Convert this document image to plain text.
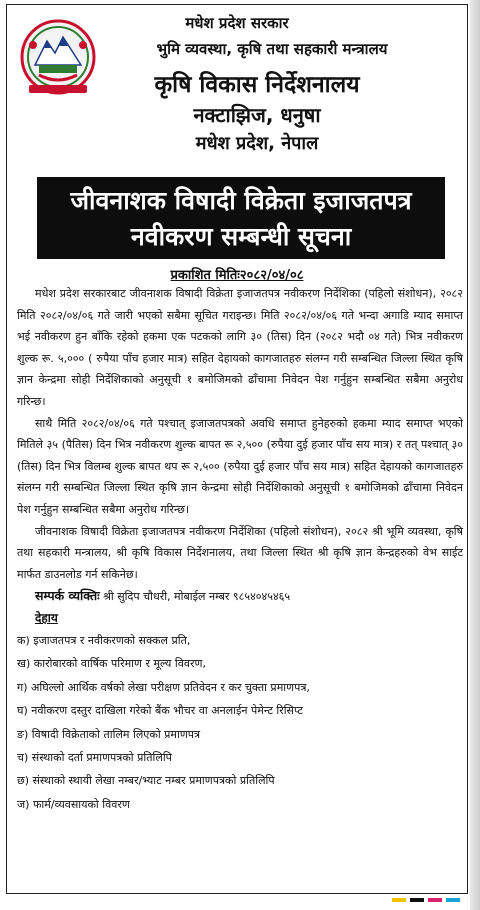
मधेश प्रदेश सरकार
भुमि व्यवस्था, कृषि तथा सहकारी मन्त्रालय
कृषि विकास निर्देशनालय
नक्टाझिज, धनुषा
मधेश प्रदेश, नेपाल
जीवनाशक विषादी विक्रेता इजाजतपत्र
नवीकरण सम्बन्धी सूचना
प्रकाशित मितिः२०८२/०४/०८

मधेश प्रदेश सरकारबाट जीवनाशक विषादी विक्रेता इजाजतपत्र नवीकरण निर्देशिका (पहिलो संशोधन), २०८२ मिति २०८२/०४/०६ गते जारी भएको सबैमा सूचित गराइन्छ। मिति २०८२/०४/०६ गते भन्दा अगाडि म्याद समाप्त भई नवीकरण हुन बाँकि रहेको हकमा एक पटकको लागि ३० (तिस) दिन (२०८२ भदौ ०४ गते) भित्र नवीकरण शुल्क रू. ५,००० ( रुपैया पाँच हजार मात्र) सहित देहायको कागजातहरु संलग्न गरी सम्बन्धित जिल्ला स्थित कृषि ज्ञान केन्द्रमा सोही निर्देशिकाको अनुसूची १ बमोजिमको ढाँचामा निवेदन पेश गर्नुहुन सम्बन्धित सबैमा अनुरोध गरिन्छ।

साथै मिति २०८२/०४/०६ गते पश्चात् इजाजतपत्रको अवधि समाप्त हुनेहरुको हकमा म्याद समाप्त भएको मितिले ३५ (पैतिस) दिन भित्र नवीकरण शुल्क बापत रू २,५०० (रुपैया दुई हजार पाँच सय मात्र) र तत् पश्चात् ३० (तिस) दिन भित्र विलम्ब शुल्क बापत थप रू २,५०० (रुपैया दुई हजार पाँच सय मात्र) सहित देहायको कागजातहरु संलग्न गरी सम्बन्धित जिल्ला स्थित कृषि ज्ञान केन्द्रमा सोही निर्देशिकाको अनुसूची १ बमोजिमको ढाँचामा निवेदन पेश गर्नुहुन सम्बन्धित सबैमा अनुरोध गरिन्छ।

जीवनाशक विषादी विक्रेता इजाजतपत्र नवीकरण निर्देशिका (पहिलो संशोधन), २०८२ श्री भूमि व्यवस्था, कृषि तथा सहकारी मन्त्रालय, श्री कृषि विकास निर्देशनालय, तथा जिल्ला स्थित श्री कृषि ज्ञान केन्द्रहरुको वेभ साईट मार्फत डाउनलोड गर्न सकिनेछ।

सम्पर्क व्यक्तिः श्री सुदिप चौधरी, मोबाईल नम्बर ९८५४०४५४६५

देहाय

क) इजाजतपत्र र नवीकरणको सक्कल प्रति,
ख) कारोबारको वार्षिक परिमाण र मूल्य विवरण,
ग) अघिल्लो आर्थिक वर्षको लेखा परीक्षण प्रतिवेदन र कर चुक्ता प्रमाणपत्र,
घ) नवीकरण दस्तुर दाखिला गरेको बैंक भौचर वा अनलाईन पेमेन्ट रिसिप्ट
ङ) विषादी विक्रेताको तालिम लिएको प्रमाणपत्र
च) संस्थाको दर्ता प्रमाणपत्रको प्रतिलिपि
छ) संस्थाको स्थायी लेखा नम्बर/भ्याट नम्बर प्रमाणपत्रको प्रतिलिपि
ज) फार्म/व्यवसायको विवरण
